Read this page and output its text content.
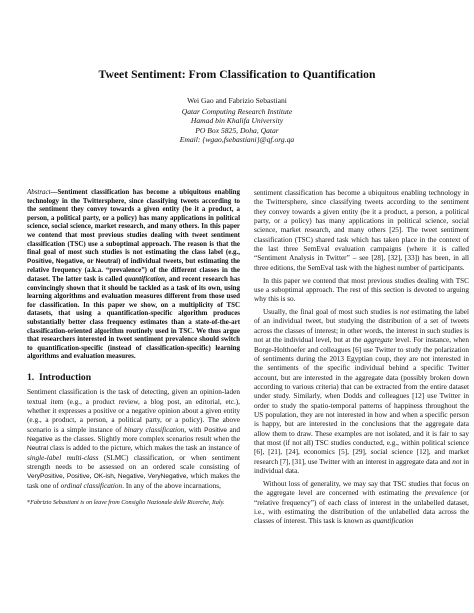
Tweet Sentiment: From Classification to Quantification
Wei Gao and Fabrizio Sebastiani
Qatar Computing Research Institute
Hamad bin Khalifa University
PO Box 5825, Doha, Qatar
Email: {wgao,fsebastiani}@qf.org.qa

Abstract—Sentiment classification has become a ubiquitous enabling technology in the Twittersphere, since classifying tweets according to the sentiment they convey towards a given entity (be it a product, a person, a political party, or a policy) has many applications in political science, social science, market research, and many others. In this paper we contend that most previous studies dealing with tweet sentiment classification (TSC) use a suboptimal approach. The reason is that the final goal of most such studies is not estimating the class label (e.g., Positive, Negative, or Neutral) of individual tweets, but estimating the relative frequency (a.k.a. “prevalence”) of the different classes in the dataset. The latter task is called quantification, and recent research has convincingly shown that it should be tackled as a task of its own, using learning algorithms and evaluation measures different from those used for classification. In this paper we show, on a multiplicity of TSC datasets, that using a quantification-specific algorithm produces substantially better class frequency estimates than a state-of-the-art classification-oriented algorithm routinely used in TSC. We thus argue that researchers interested in tweet sentiment prevalence should switch to quantification-specific (instead of classification-specific) learning algorithms and evaluation measures.

1. Introduction

Sentiment classification is the task of detecting, given an opinion-laden textual item (e.g., a product review, a blog post, an editorial, etc.), whether it expresses a positive or a negative opinion about a given entity (e.g., a product, a person, a political party, or a policy). The above scenario is a simple instance of binary classification, with Positive and Negative as the classes. Slightly more complex scenarios result when the Neutral class is added to the picture, which makes the task an instance of single-label multi-class (SLMC) classification, or when sentiment strength needs to be assessed on an ordered scale consisting of VeryPositive, Positive, OK-ish, Negative, VeryNegative, which makes the task one of ordinal classification. In any of the above incarnations,

*Fabrizio Sebastiani is on leave from Consiglio Nazionale delle Ricerche, Italy.

sentiment classification has become a ubiquitous enabling technology in the Twittersphere, since classifying tweets according to the sentiment they convey towards a given entity (be it a product, a person, a political party, or a policy) has many applications in political science, social science, market research, and many others [25]. The tweet sentiment classification (TSC) shared task which has taken place in the context of the last three SemEval evaluation campaigns (where it is called “Sentiment Analysis in Twitter” – see [28], [32], [33]) has been, in all three editions, the SemEval task with the highest number of participants.

In this paper we contend that most previous studies dealing with TSC use a suboptimal approach. The rest of this section is devoted to arguing why this is so.

Usually, the final goal of most such studies is not estimating the label of an individual tweet, but studying the distribution of a set of tweets across the classes of interest; in other words, the interest in such studies is not at the individual level, but at the aggregate level. For instance, when Borge-Holthoefer and colleagues [6] use Twitter to study the polarization of sentiments during the 2013 Egyptian coup, they are not interested in the sentiments of the specific individual behind a specific Twitter account, but are interested in the aggregate data (possibly broken down according to various criteria) that can be extracted from the entire dataset under study. Similarly, when Dodds and colleagues [12] use Twitter in order to study the spatio-temporal patterns of happiness throughout the US population, they are not interested in how and when a specific person is happy, but are interested in the conclusions that the aggregate data allow them to draw. These examples are not isolated, and it is fair to say that most (if not all) TSC studies conducted, e.g., within political science [6], [21], [24], economics [5], [29], social science [12], and market research [7], [31], use Twitter with an interest in aggregate data and not in individual data.

Without loss of generality, we may say that TSC studies that focus on the aggregate level are concerned with estimating the prevalence (or “relative frequency”) of each class of interest in the unlabelled dataset, i.e., with estimating the distribution of the unlabelled data across the classes of interest. This task is known as quantification
